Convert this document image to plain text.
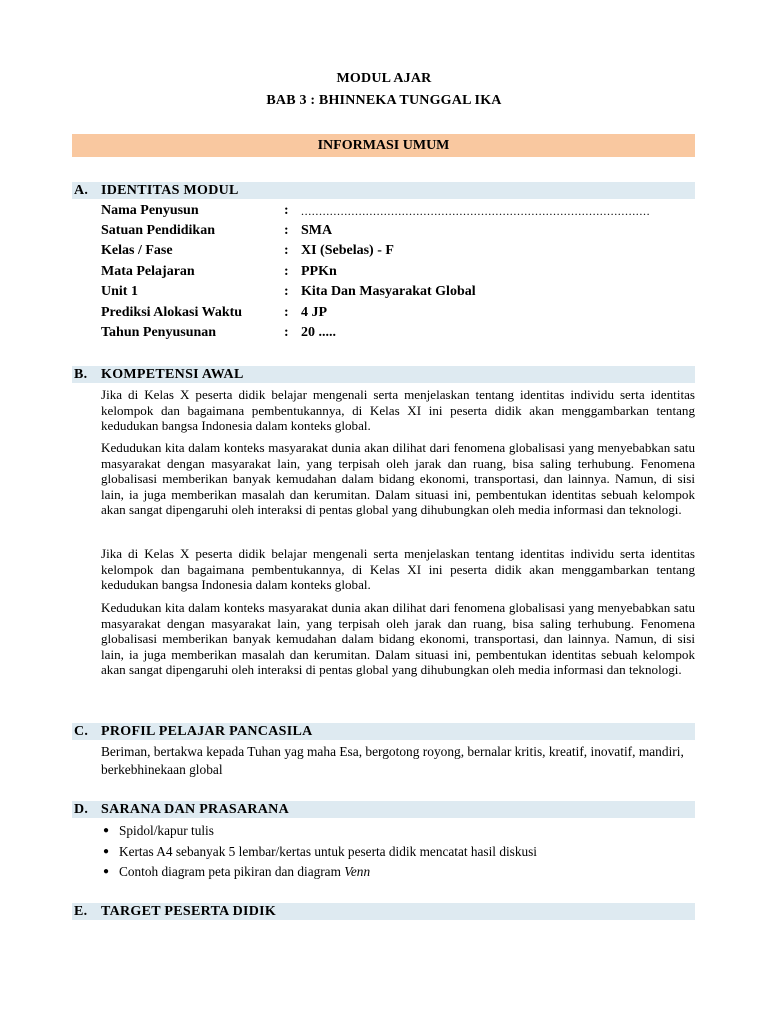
MODUL AJAR
BAB 3 : BHINNEKA TUNGGAL IKA
INFORMASI UMUM
A. IDENTITAS MODUL
Nama Penyusun	: .................................................................................................
Satuan Pendidikan	: SMA
Kelas / Fase	: XI (Sebelas) - F
Mata Pelajaran	: PPKn
Unit 1	: Kita Dan Masyarakat Global
Prediksi Alokasi Waktu	: 4 JP
Tahun Penyusunan	: 20 .....
B. KOMPETENSI AWAL

Jika di Kelas X peserta didik belajar mengenali serta menjelaskan tentang identitas individu serta identitas kelompok dan bagaimana pembentukannya, di Kelas XI ini peserta didik akan menggambarkan tentang kedudukan bangsa Indonesia dalam konteks global.

Kedudukan kita dalam konteks masyarakat dunia akan dilihat dari fenomena globalisasi yang menyebabkan satu masyarakat dengan masyarakat lain, yang terpisah oleh jarak dan ruang, bisa saling terhubung. Fenomena globalisasi memberikan banyak kemudahan dalam bidang ekonomi, transportasi, dan lainnya. Namun, di sisi lain, ia juga memberikan masalah dan kerumitan. Dalam situasi ini, pembentukan identitas sebuah kelompok akan sangat dipengaruhi oleh interaksi di pentas global yang dihubungkan oleh media informasi dan teknologi.

Jika di Kelas X peserta didik belajar mengenali serta menjelaskan tentang identitas individu serta identitas kelompok dan bagaimana pembentukannya, di Kelas XI ini peserta didik akan menggambarkan tentang kedudukan bangsa Indonesia dalam konteks global.

Kedudukan kita dalam konteks masyarakat dunia akan dilihat dari fenomena globalisasi yang menyebabkan satu masyarakat dengan masyarakat lain, yang terpisah oleh jarak dan ruang, bisa saling terhubung. Fenomena globalisasi memberikan banyak kemudahan dalam bidang ekonomi, transportasi, dan lainnya. Namun, di sisi lain, ia juga memberikan masalah dan kerumitan. Dalam situasi ini, pembentukan identitas sebuah kelompok akan sangat dipengaruhi oleh interaksi di pentas global yang dihubungkan oleh media informasi dan teknologi.

C. PROFIL PELAJAR PANCASILA

Beriman, bertakwa kepada Tuhan yag maha Esa, bergotong royong, bernalar kritis, kreatif, inovatif, mandiri, berkebhinekaan global

D. SARANA DAN PRASARANA
● Spidol/kapur tulis
● Kertas A4 sebanyak 5 lembar/kertas untuk peserta didik mencatat hasil diskusi
● Contoh diagram peta pikiran dan diagram Venn
E. TARGET PESERTA DIDIK
